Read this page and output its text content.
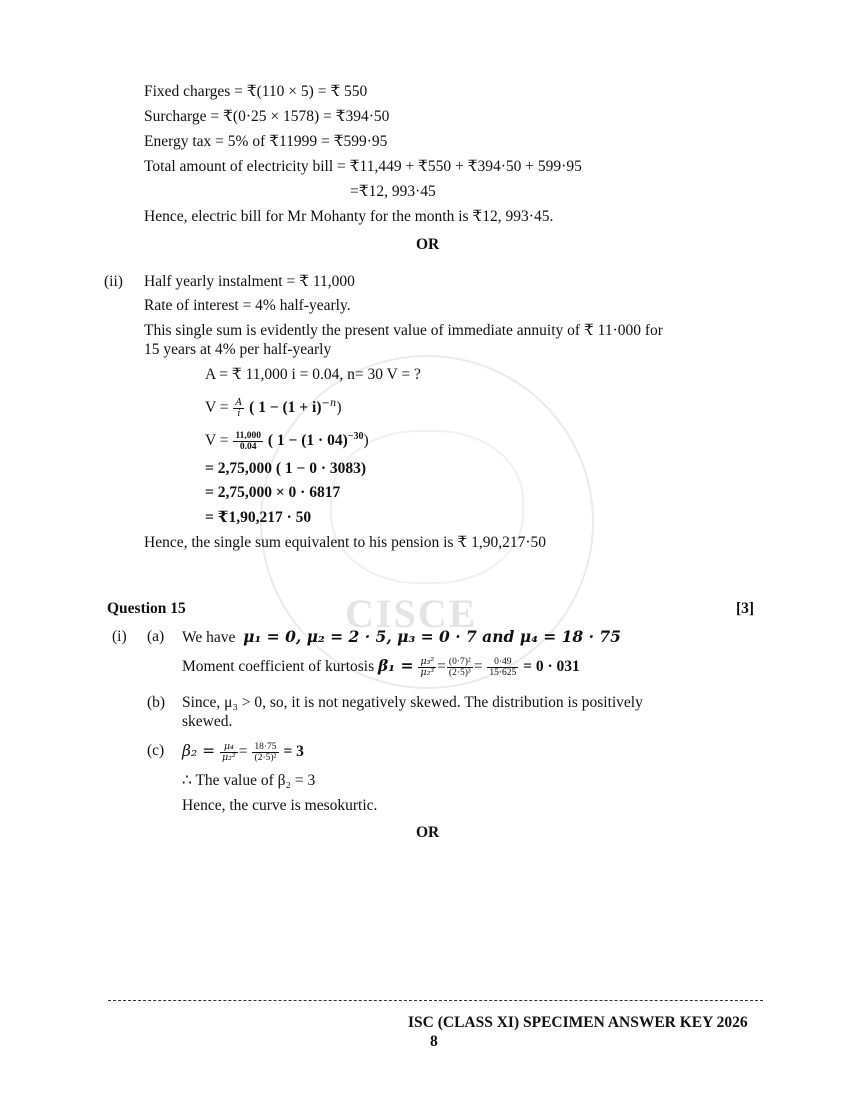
CISCE
Fixed charges = ₹(110 × 5) = ₹ 550
Surcharge = ₹(0·25 × 1578) = ₹394·50
Energy tax = 5% of ₹11999 = ₹599·95
Total amount of electricity bill = ₹11,449 + ₹550 + ₹394·50 + 599·95
=₹12, 993·45
Hence, electric bill for Mr Mohanty for the month is ₹12, 993·45.
OR
(ii) Half yearly instalment = ₹ 11,000
Rate of interest = 4% half-yearly.
This single sum is evidently the present value of immediate annuity of ₹ 11·000 for
15 years at 4% per half-yearly
A = ₹ 11,000 i = 0.04, n= 30 V = ?
$V = \frac{A}{i}$ ( $1 - (1 + i)^{-n}$)
$V = \frac{11,000}{0.04}$ ( $1 - (1 \cdot 04)^{-30}$)
= 2,75,000 ( 1 − 0 · 3083)
= 2,75,000 × 0 · 6817
= ₹1,90,217 · 50
Hence, the single sum equivalent to his pension is ₹ 1,90,217·50
Question 15	[3]
(i) (a) We have μ₁ = 0, μ₂ = 2 · 5, μ₃ = 0 · 7 and μ₄ = 18 · 75
Moment coefficient of kurtosis $\beta_1 = \frac{\text{μ₃²}}{\text{μ₂³}} = \frac{\text{(0·7)²}}{\text{(2·5)³}} = \frac{0\cdot 49}{15\cdot 625} = 0 \cdot 031$
(b) Since, μ₃ > 0, so, it is not negatively skewed. The distribution is positively
skewed.
(c) $\beta_2 = \frac{\text{μ₄}}{\text{μ₂²}} = \frac{18\cdot 75}{\text{(2·5)²}} = 3$
∴ The value of β₂ = 3
Hence, the curve is mesokurtic.
OR
ISC (CLASS XI) SPECIMEN ANSWER KEY 2026
8
